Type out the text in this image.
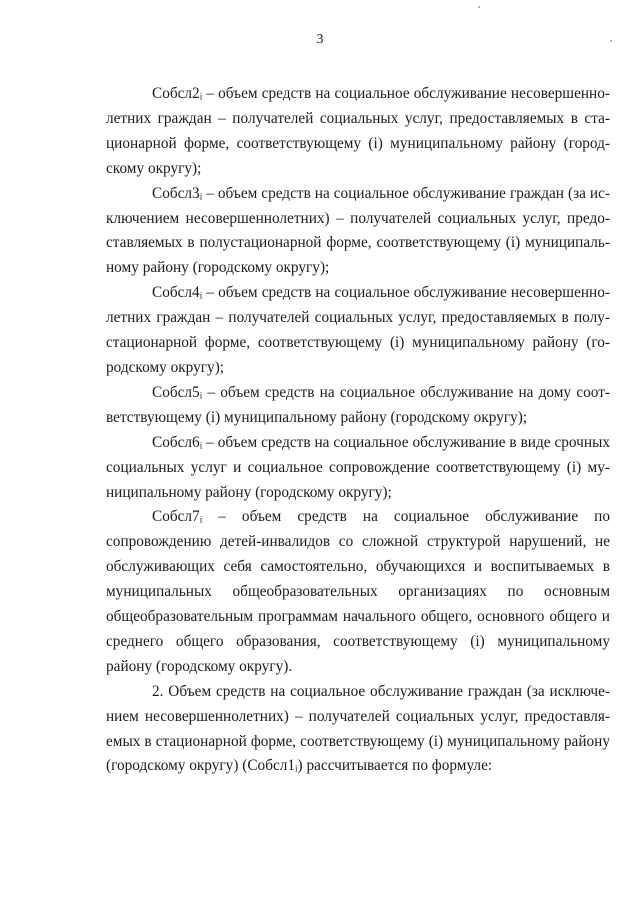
3

Собсл2ᵢ – объем средств на социальное обслуживание несовершеннолетних граждан – получателей социальных услуг, предоставляемых в стационарной форме, соответствующему (i) муниципальному району (городскому округу);

Собсл3ᵢ – объем средств на социальное обслуживание граждан (за исключением несовершеннолетних) – получателей социальных услуг, предоставляемых в полустационарной форме, соответствующему (i) муниципальному району (городскому округу);

Собсл4ᵢ – объем средств на социальное обслуживание несовершеннолетних граждан – получателей социальных услуг, предоставляемых в полустационарной форме, соответствующему (i) муниципальному району (городскому округу);

Собсл5ᵢ – объем средств на социальное обслуживание на дому соответствующему (i) муниципальному району (городскому округу);

Собсл6ᵢ – объем средств на социальное обслуживание в виде срочных социальных услуг и социальное сопровождение соответствующему (i) муниципальному району (городскому округу);

Собсл7ᵢ – объем средств на социальное обслуживание по сопровождению детей-инвалидов со сложной структурой нарушений, не обслуживающих себя самостоятельно, обучающихся и воспитываемых в муниципальных общеобразовательных организациях по основным общеобразовательным программам начального общего, основного общего и среднего общего образования, соответствующему (i) муниципальному району (городскому округу).

2. Объем средств на социальное обслуживание граждан (за исключением несовершеннолетних) – получателей социальных услуг, предоставляемых в стационарной форме, соответствующему (i) муниципальному району (городскому округу) (Собсл1ᵢ) рассчитывается по формуле:
